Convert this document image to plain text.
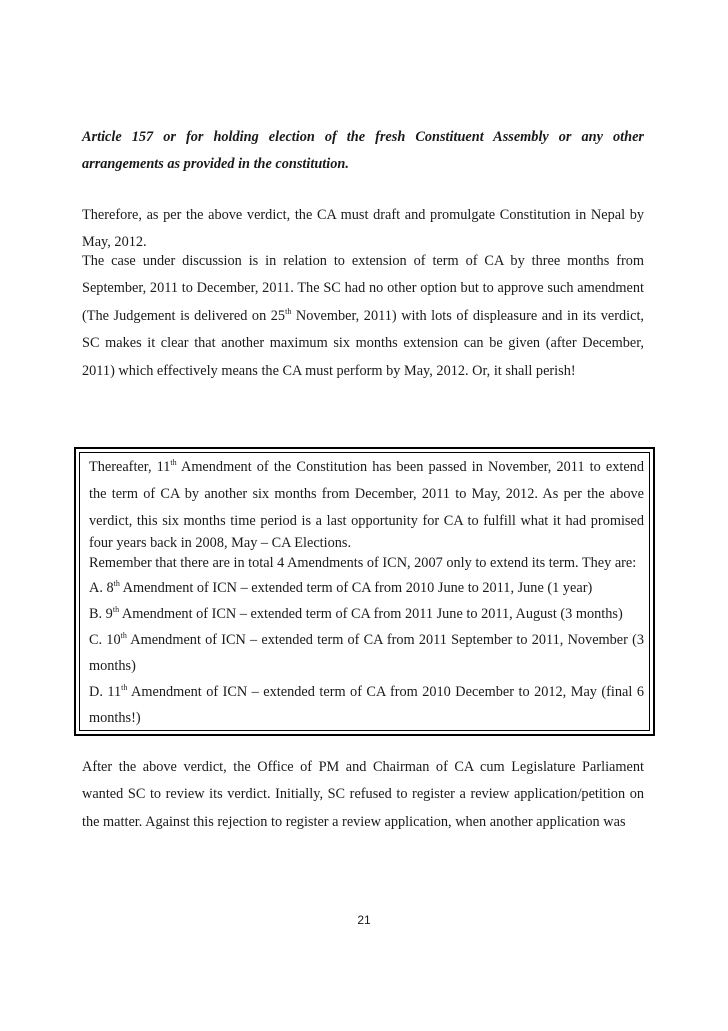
Article 157 or for holding election of the fresh Constituent Assembly or any other arrangements as provided in the constitution.

Therefore, as per the above verdict, the CA must draft and promulgate Constitution in Nepal by May, 2012.

The case under discussion is in relation to extension of term of CA by three months from September, 2011 to December, 2011. The SC had no other option but to approve such amendment (The Judgement is delivered on 25th November, 2011) with lots of displeasure and in its verdict, SC makes it clear that another maximum six months extension can be given (after December, 2011) which effectively means the CA must perform by May, 2012. Or, it shall perish!

Thereafter, 11th Amendment of the Constitution has been passed in November, 2011 to extend
the term of CA by another six months from December, 2011 to May, 2012. As per the above
verdict, this six months time period is a last opportunity for CA to fulfill what it had promised
four years back in 2008, May – CA Elections.
Remember that there are in total 4 Amendments of ICN, 2007 only to extend its term. They are:
A. 8th Amendment of ICN – extended term of CA from 2010 June to 2011, June (1 year)
B. 9th Amendment of ICN – extended term of CA from 2011 June to 2011, August (3 months)
C. 10th Amendment of ICN – extended term of CA from 2011 September to 2011, November (3
months)
D. 11th Amendment of ICN – extended term of CA from 2010 December to 2012, May (final 6
months!)

After the above verdict, the Office of PM and Chairman of CA cum Legislature Parliament wanted SC to review its verdict. Initially, SC refused to register a review application/petition on the matter. Against this rejection to register a review application, when another application was

21
